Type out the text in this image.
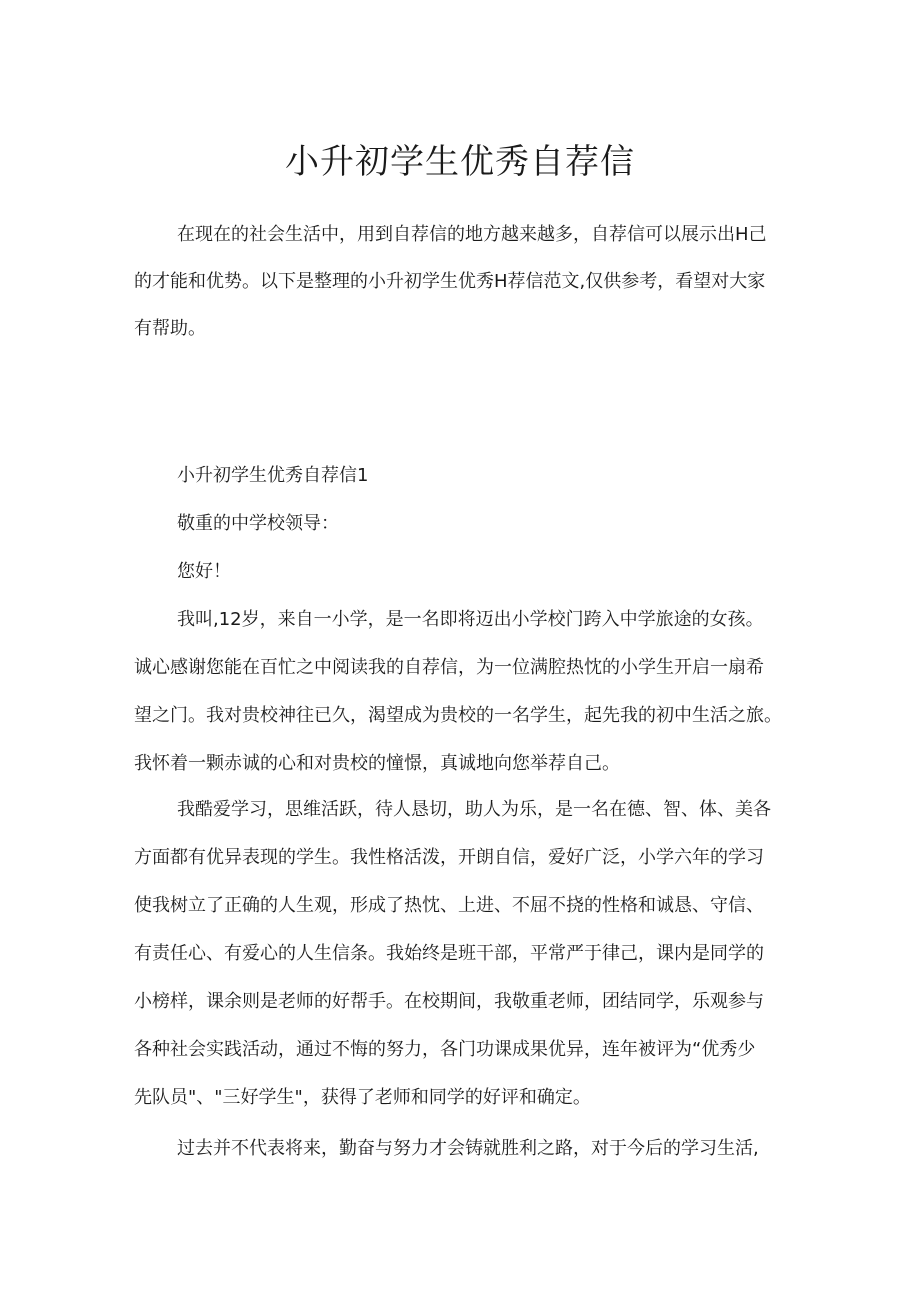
小升初学生优秀自荐信

在现在的社会生活中，用到自荐信的地方越来越多，自荐信可以展示出H己
的才能和优势。以下是整理的小升初学生优秀H荐信范文,仅供参考，看望对大家
有帮助。

小升初学生优秀自荐信1

敬重的中学校领导：

您好！

我叫,12岁，来自一小学，是一名即将迈出小学校门跨入中学旅途的女孩。
诚心感谢您能在百忙之中阅读我的自荐信，为一位满腔热忱的小学生开启一扇希
望之门。我对贵校神往已久，渴望成为贵校的一名学生，起先我的初中生活之旅。
我怀着一颗赤诚的心和对贵校的憧憬，真诚地向您举荐自己。

我酷爱学习，思维活跃，待人恳切，助人为乐，是一名在德、智、体、美各
方面都有优异表现的学生。我性格活泼，开朗自信，爱好广泛，小学六年的学习
使我树立了正确的人生观，形成了热忱、上进、不屈不挠的性格和诚恳、守信、
有责任心、有爱心的人生信条。我始终是班干部，平常严于律己，课内是同学的
小榜样，课余则是老师的好帮手。在校期间，我敬重老师，团结同学，乐观参与
各种社会实践活动，通过不悔的努力，各门功课成果优异，连年被评为“优秀少
先队员"、"三好学生"，获得了老师和同学的好评和确定。

过去并不代表将来，勤奋与努力才会铸就胜利之路，对于今后的学习生活,
